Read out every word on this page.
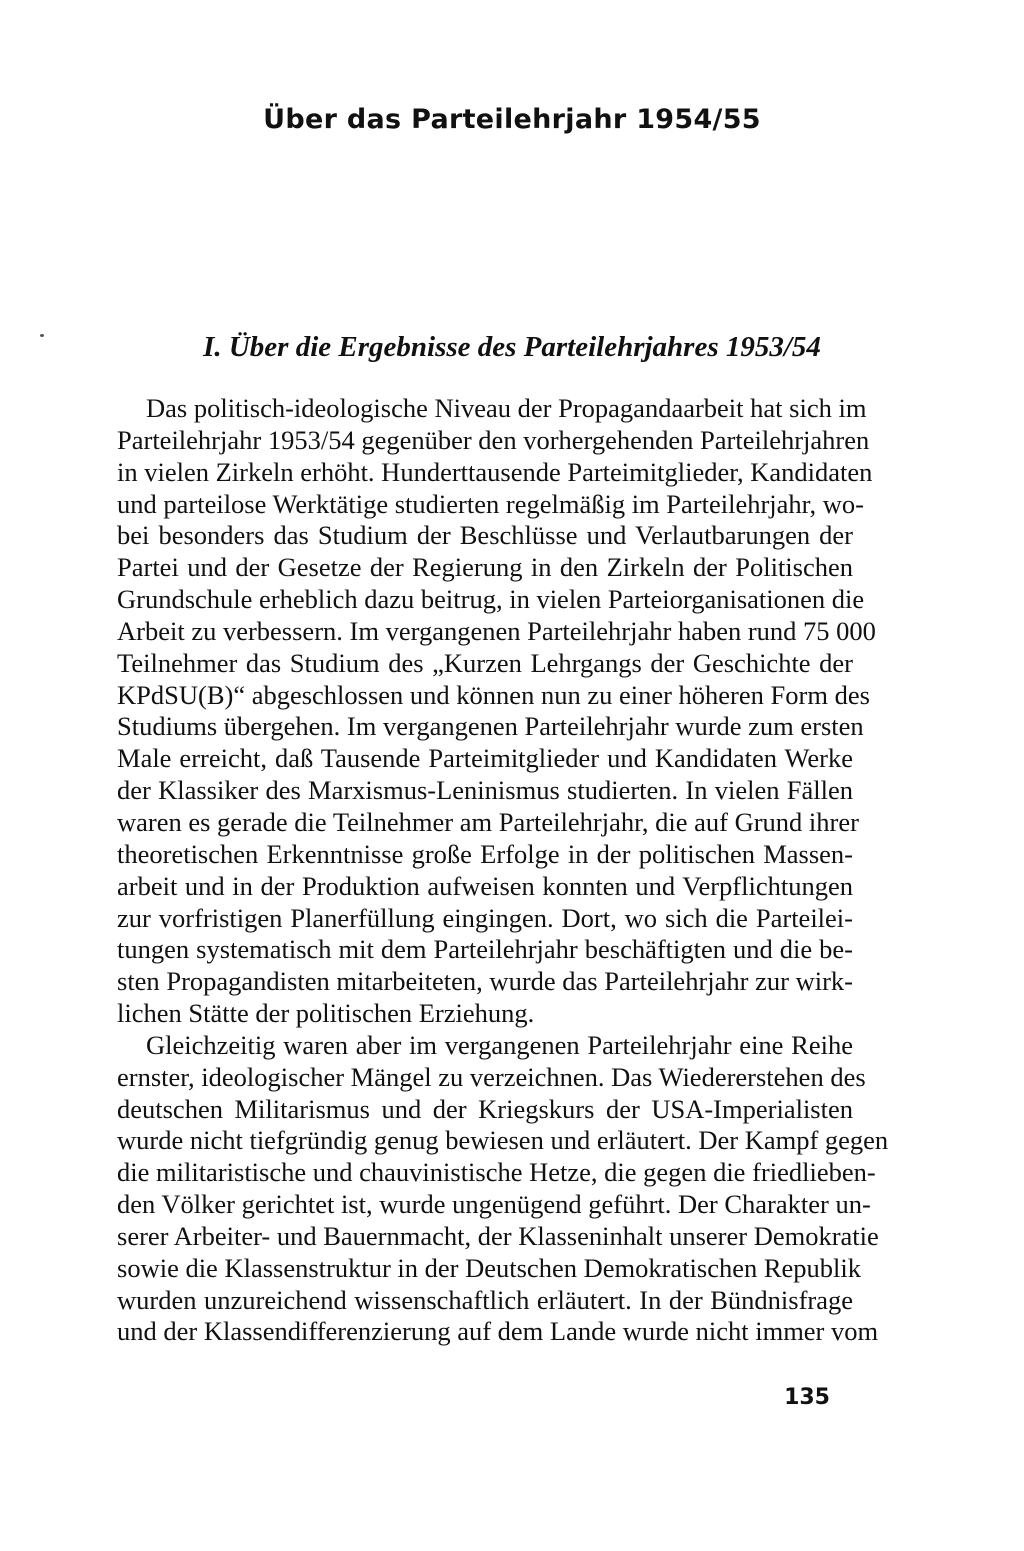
Über das Parteilehrjahr 1954/55
I. Über die Ergebnisse des Parteilehrjahres 1953/54
Das politisch-ideologische Niveau der Propagandaarbeit hat sich im
Parteilehrjahr 1953/54 gegenüber den vorhergehenden Parteilehrjahren
in vielen Zirkeln erhöht. Hunderttausende Parteimitglieder, Kandidaten
und parteilose Werktätige studierten regelmäßig im Parteilehrjahr, wo-
bei besonders das Studium der Beschlüsse und Verlautbarungen der
Partei und der Gesetze der Regierung in den Zirkeln der Politischen
Grundschule erheblich dazu beitrug, in vielen Parteiorganisationen die
Arbeit zu verbessern. Im vergangenen Parteilehrjahr haben rund 75 000
Teilnehmer das Studium des „Kurzen Lehrgangs der Geschichte der
KPdSU(B)“ abgeschlossen und können nun zu einer höheren Form des
Studiums übergehen. Im vergangenen Parteilehrjahr wurde zum ersten
Male erreicht, daß Tausende Parteimitglieder und Kandidaten Werke
der Klassiker des Marxismus-Leninismus studierten. In vielen Fällen
waren es gerade die Teilnehmer am Parteilehrjahr, die auf Grund ihrer
theoretischen Erkenntnisse große Erfolge in der politischen Massen-
arbeit und in der Produktion aufweisen konnten und Verpflichtungen
zur vorfristigen Planerfüllung eingingen. Dort, wo sich die Parteilei-
tungen systematisch mit dem Parteilehrjahr beschäftigten und die be-
sten Propagandisten mitarbeiteten, wurde das Parteilehrjahr zur wirk-
lichen Stätte der politischen Erziehung.
Gleichzeitig waren aber im vergangenen Parteilehrjahr eine Reihe
ernster, ideologischer Mängel zu verzeichnen. Das Wiedererstehen des
deutschen Militarismus und der Kriegskurs der USA-Imperialisten
wurde nicht tiefgründig genug bewiesen und erläutert. Der Kampf gegen
die militaristische und chauvinistische Hetze, die gegen die friedlieben-
den Völker gerichtet ist, wurde ungenügend geführt. Der Charakter un-
serer Arbeiter- und Bauernmacht, der Klasseninhalt unserer Demokratie
sowie die Klassenstruktur in der Deutschen Demokratischen Republik
wurden unzureichend wissenschaftlich erläutert. In der Bündnisfrage
und der Klassendifferenzierung auf dem Lande wurde nicht immer vom
135
